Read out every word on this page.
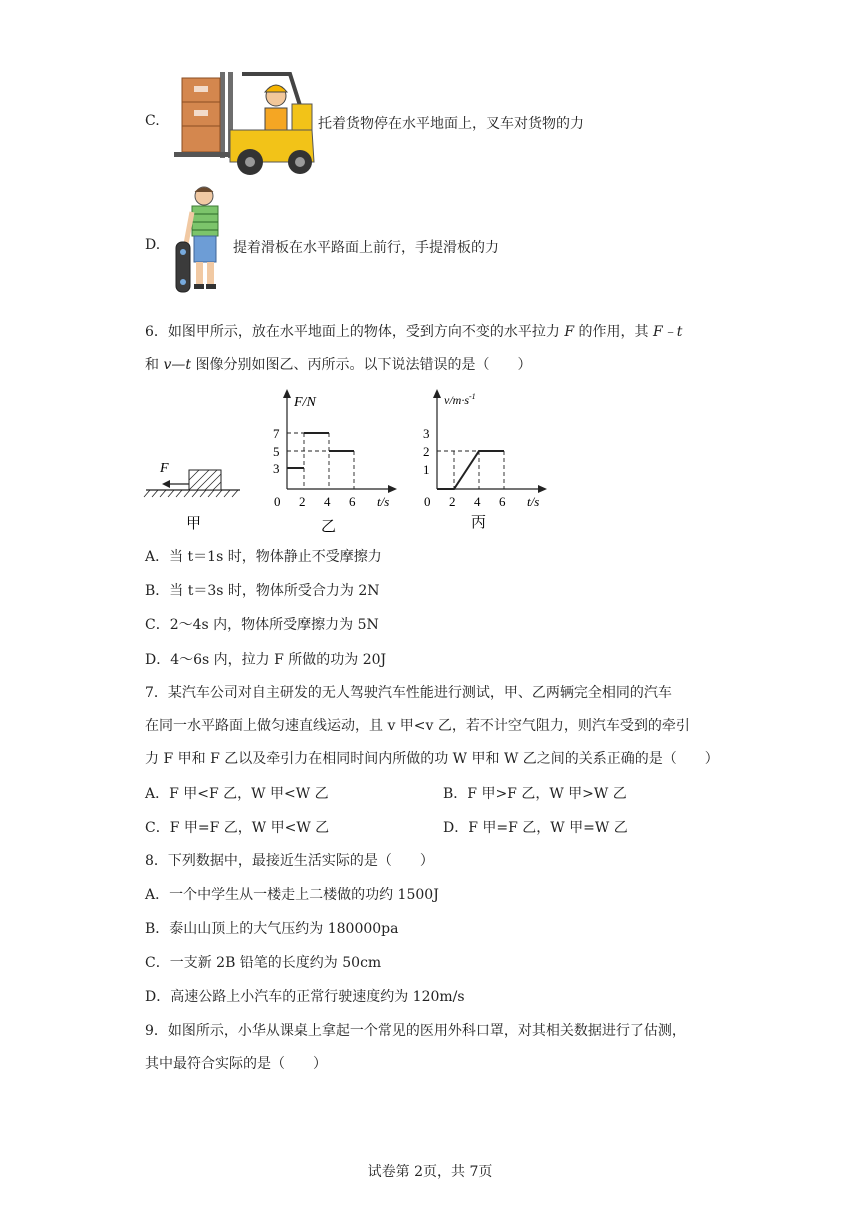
C.	托着货物停在水平地面上，叉车对货物的力
D.	提着滑板在水平路面上前行，手提滑板的力
6．如图甲所示，放在水平地面上的物体，受到方向不变的水平拉力 F 的作用，其 F﹣t
和 v—t 图像分别如图乙、丙所示。以下说法错误的是（　　）
F
甲
F/N
t/s
7
5
3
0 2 4 6
乙
$v/m\cdot s^{-1}$
t/s
3
2
1
0 2 4 6
丙
A．当 t＝1s 时，物体静止不受摩擦力
B．当 t＝3s 时，物体所受合力为 2N
C．2～4s 内，物体所受摩擦力为 5N
D．4～6s 内，拉力 F 所做的功为 20J
7．某汽车公司对自主研发的无人驾驶汽车性能进行测试，甲、乙两辆完全相同的汽车
在同一水平路面上做匀速直线运动，且 v 甲<v 乙，若不计空气阻力，则汽车受到的牵引
力 F 甲和 F 乙以及牵引力在相同时间内所做的功 W 甲和 W 乙之间的关系正确的是（　　）
A．F 甲<F 乙，W 甲<W 乙	B．F 甲>F 乙，W 甲>W 乙
C．F 甲=F 乙，W 甲<W 乙	D．F 甲=F 乙，W 甲=W 乙
8．下列数据中，最接近生活实际的是（　　）
A．一个中学生从一楼走上二楼做的功约 1500J
B．泰山山顶上的大气压约为 180000pa
C．一支新 2B 铅笔的长度约为 50cm
D．高速公路上小汽车的正常行驶速度约为 120m/s
9．如图所示，小华从课桌上拿起一个常见的医用外科口罩，对其相关数据进行了估测，
其中最符合实际的是（　　）
试卷第 2页，共 7页
